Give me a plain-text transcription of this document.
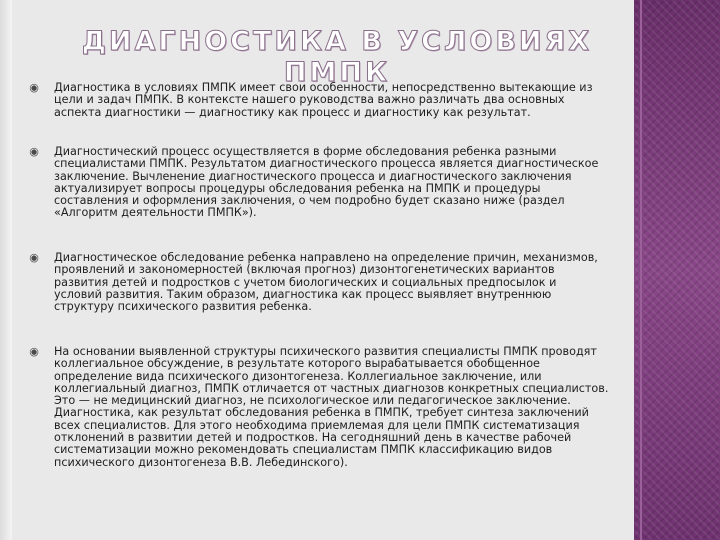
ДИАГНОСТИКА В УСЛОВИЯХ ПМПК
◉ Диагностика в условиях ПМПК имеет свои особенности, непосредственно вытекающие из
цели и задач ПМПК. В контексте нашего руководства важно различать два основных
аспекта диагностики — диагностику как процесс и диагностику как результат.

◉ Диагностический процесс осуществляется в форме обследования ребенка разными
специалистами ПМПК. Результатом диагностического процесса является диагностическое
заключение. Вычленение диагностического процесса и диагностического заключения
актуализирует вопросы процедуры обследования ребенка на ПМПК и процедуры
составления и оформления заключения, о чем подробно будет сказано ниже (раздел
«Алгоритм деятельности ПМПК»).

◉ Диагностическое обследование ребенка направлено на определение причин, механизмов,
проявлений и закономерностей (включая прогноз) дизонтогенетических вариантов
развития детей и подростков с учетом биологических и социальных предпосылок и
условий развития. Таким образом, диагностика как процесс выявляет внутреннюю
структуру психического развития ребенка.

◉ На основании выявленной структуры психического развития специалисты ПМПК проводят
коллегиальное обсуждение, в результате которого вырабатывается обобщенное
определение вида психического дизонтогенеза. Коллегиальное заключение, или
коллегиальный диагноз, ПМПК отличается от частных диагнозов конкретных специалистов.
Это — не медицинский диагноз, не психологическое или педагогическое заключение.
Диагностика, как результат обследования ребенка в ПМПК, требует синтеза заключений
всех специалистов. Для этого необходима приемлемая для цели ПМПК систематизация
отклонений в развитии детей и подростков. На сегодняшний день в качестве рабочей
систематизации можно рекомендовать специалистам ПМПК классификацию видов
психического дизонтогенеза В.В. Лебединского).
